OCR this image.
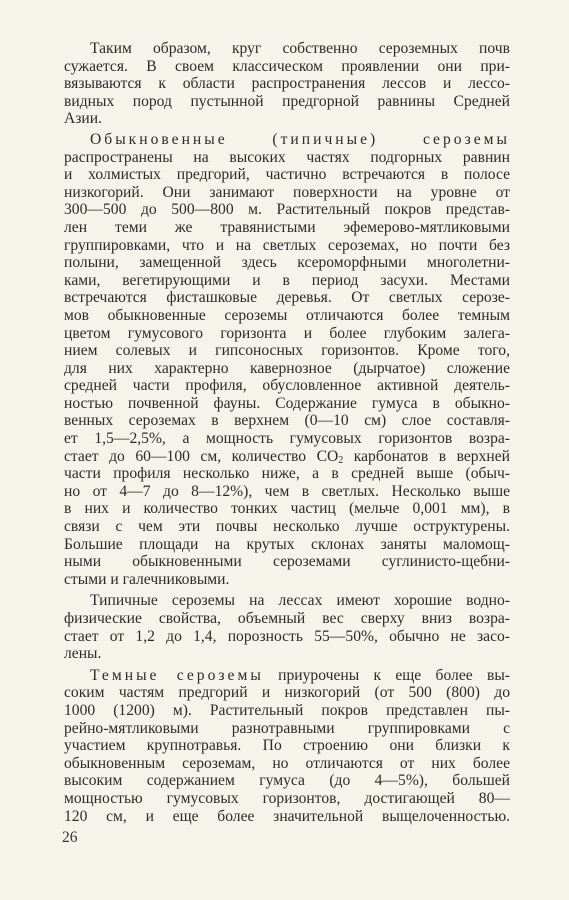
Таким образом, круг собственно сероземных почв
сужается. В своем классическом проявлении они при-
вязываются к области распространения лессов и лессо-
видных пород пустынной предгорной равнины Средней
Азии.

Обыкновенные (типичные) сероземы
распространены на высоких частях подгорных равнин
и холмистых предгорий, частично встречаются в полосе
низкогорий. Они занимают поверхности на уровне от
300—500 до 500—800 м. Растительный покров представ-
лен теми же травянистыми эфемерово-мятликовыми
группировками, что и на светлых сероземах, но почти без
полыни, замещенной здесь ксероморфными многолетни-
ками, вегетирующими и в период засухи. Местами
встречаются фисташковые деревья. От светлых серозе-
мов обыкновенные сероземы отличаются более темным
цветом гумусового горизонта и более глубоким залега-
нием солевых и гипсоносных горизонтов. Кроме того,
для них характерно кавернозное (дырчатое) сложение
средней части профиля, обусловленное активной деятель-
ностью почвенной фауны. Содержание гумуса в обыкно-
венных сероземах в верхнем (0—10 см) слое составля-
ет 1,5—2,5%, а мощность гумусовых горизонтов возра-
стает до 60—100 см, количество $CO_2$ карбонатов в верхней
части профиля несколько ниже, а в средней выше (обыч-
но от 4—7 до 8—12%), чем в светлых. Несколько выше
в них и количество тонких частиц (мельче 0,001 мм), в
связи с чем эти почвы несколько лучше оструктурены.
Большие площади на крутых склонах заняты маломощ-
ными обыкновенными сероземами суглинисто-щебни-
стыми и галечниковыми.

Типичные сероземы на лессах имеют хорошие водно-
физические свойства, объемный вес сверху вниз возра-
стает от 1,2 до 1,4, порозность 55—50%, обычно не засо-
лены.

Темные сероземы приурочены к еще более вы-
соким частям предгорий и низкогорий (от 500 (800) до
1000 (1200) м). Растительный покров представлен пы-
рейно-мятликовыми разнотравными группировками с
участием крупнотравья. По строению они близки к
обыкновенным сероземам, но отличаются от них более
высоким содержанием гумуса (до 4—5%), большей
мощностью гумусовых горизонтов, достигающей 80—
120 см, и еще более значительной выщелоченностью.

26
